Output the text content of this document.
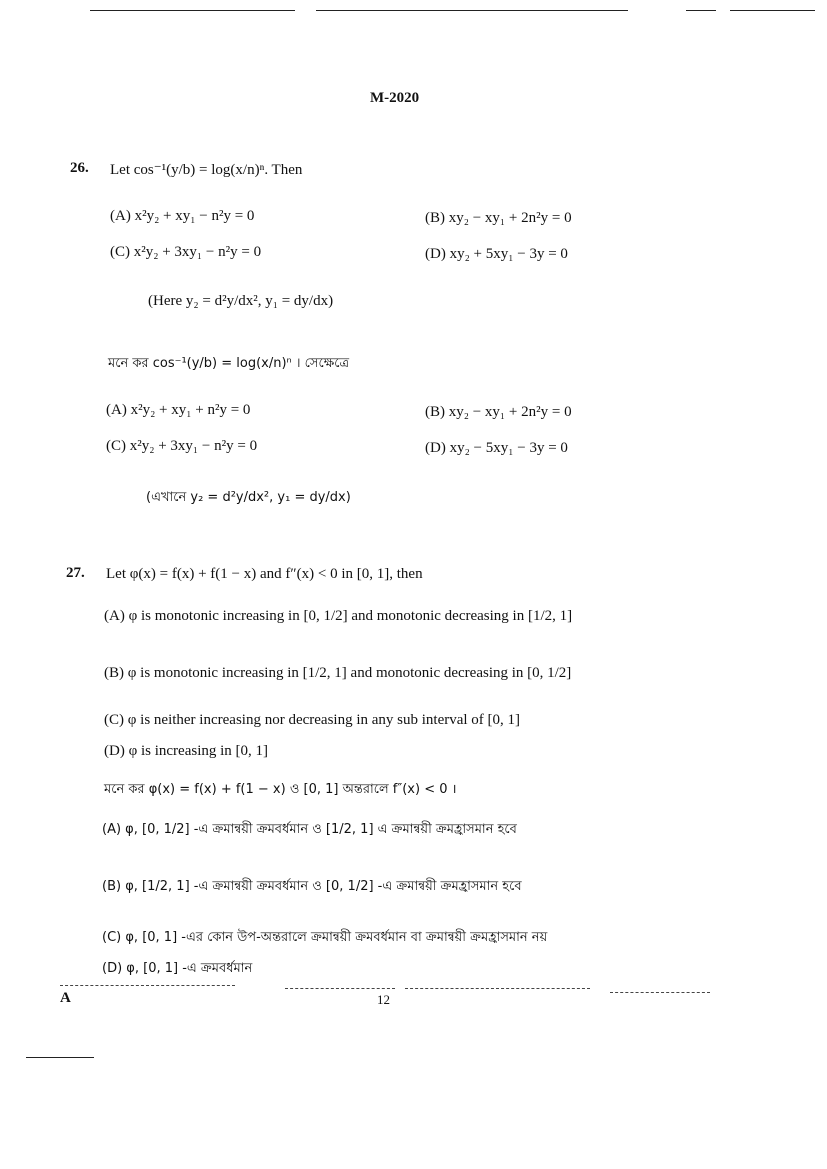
M-2020
26. Let cos⁻¹(y/b) = log(x/n)ⁿ. Then
(A) x²y₂ + xy₁ − n²y = 0	(B) xy₂ − xy₁ + 2n²y = 0
(C) x²y₂ + 3xy₁ − n²y = 0	(D) xy₂ + 5xy₁ − 3y = 0
(Here y₂ = d²y/dx², y₁ = dy/dx)
মনে কর cos⁻¹(y/b) = log(x/n)ⁿ । সেক্ষেত্রে
(A) x²y₂ + xy₁ + n²y = 0	(B) xy₂ − xy₁ + 2n²y = 0
(C) x²y₂ + 3xy₁ − n²y = 0	(D) xy₂ − 5xy₁ − 3y = 0
(এখানে y₂ = d²y/dx², y₁ = dy/dx)
27. Let φ(x) = f(x) + f(1 − x) and f″(x) < 0 in [0, 1], then
(A) φ is monotonic increasing in [0, 1/2] and monotonic decreasing in [1/2, 1]
(B) φ is monotonic increasing in [1/2, 1] and monotonic decreasing in [0, 1/2]
(C) φ is neither increasing nor decreasing in any sub interval of [0, 1]
(D) φ is increasing in [0, 1]
মনে কর φ(x) = f(x) + f(1 − x) ও [0, 1] অন্তরালে f″(x) < 0 ।
(A) φ, [0, 1/2] -এ ক্রমান্বয়ী ক্রমবর্ধমান ও [1/2, 1] এ ক্রমান্বয়ী ক্রমহ্রাসমান হবে
(B) φ, [1/2, 1] -এ ক্রমান্বয়ী ক্রমবর্ধমান ও [0, 1/2] -এ ক্রমান্বয়ী ক্রমহ্রাসমান হবে
(C) φ, [0, 1] -এর কোন উপ-অন্তরালে ক্রমান্বয়ী ক্রমবর্ধমান বা ক্রমান্বয়ী ক্রমহ্রাসমান নয়
(D) φ, [0, 1] -এ ক্রমবর্ধমান
A	12
